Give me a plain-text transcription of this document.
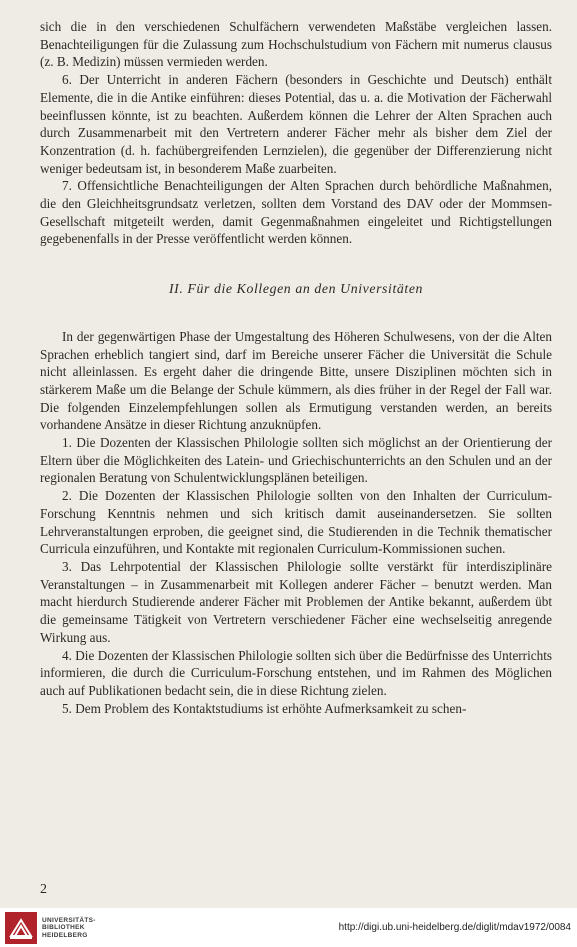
sich die in den verschiedenen Schulfächern verwendeten Maßstäbe vergleichen lassen. Benachteiligungen für die Zulassung zum Hochschulstudium von Fächern mit numerus clausus (z. B. Medizin) müssen vermieden werden.

6. Der Unterricht in anderen Fächern (besonders in Geschichte und Deutsch) enthält Elemente, die in die Antike einführen: dieses Potential, das u. a. die Motivation der Fächerwahl beeinflussen könnte, ist zu beachten. Außerdem können die Lehrer der Alten Sprachen auch durch Zusammenarbeit mit den Vertretern anderer Fächer mehr als bisher dem Ziel der Konzentration (d. h. fachübergreifenden Lernzielen), die gegenüber der Differenzierung nicht weniger bedeutsam ist, in besonderem Maße zuarbeiten.

7. Offensichtliche Benachteiligungen der Alten Sprachen durch behördliche Maßnahmen, die den Gleichheitsgrundsatz verletzen, sollten dem Vorstand des DAV oder der Mommsen-Gesellschaft mitgeteilt werden, damit Gegenmaßnahmen eingeleitet und Richtigstellungen gegebenenfalls in der Presse veröffentlicht werden können.

II. Für die Kollegen an den Universitäten

In der gegenwärtigen Phase der Umgestaltung des Höheren Schulwesens, von der die Alten Sprachen erheblich tangiert sind, darf im Bereiche unserer Fächer die Universität die Schule nicht alleinlassen. Es ergeht daher die dringende Bitte, unsere Disziplinen möchten sich in stärkerem Maße um die Belange der Schule kümmern, als dies früher in der Regel der Fall war. Die folgenden Einzelempfehlungen sollen als Ermutigung verstanden werden, an bereits vorhandene Ansätze in dieser Richtung anzuknüpfen.

1. Die Dozenten der Klassischen Philologie sollten sich möglichst an der Orientierung der Eltern über die Möglichkeiten des Latein- und Griechischunterrichts an den Schulen und an der regionalen Beratung von Schulentwicklungsplänen beteiligen.

2. Die Dozenten der Klassischen Philologie sollten von den Inhalten der Curriculum-Forschung Kenntnis nehmen und sich kritisch damit auseinandersetzen. Sie sollten Lehrveranstaltungen erproben, die geeignet sind, die Studierenden in die Technik thematischer Curricula einzuführen, und Kontakte mit regionalen Curriculum-Kommissionen suchen.

3. Das Lehrpotential der Klassischen Philologie sollte verstärkt für interdisziplinäre Veranstaltungen – in Zusammenarbeit mit Kollegen anderer Fächer – benutzt werden. Man macht hierdurch Studierende anderer Fächer mit Problemen der Antike bekannt, außerdem übt die gemeinsame Tätigkeit von Vertretern verschiedener Fächer eine wechselseitig anregende Wirkung aus.

4. Die Dozenten der Klassischen Philologie sollten sich über die Bedürfnisse des Unterrichts informieren, die durch die Curriculum-Forschung entstehen, und im Rahmen des Möglichen auch auf Publikationen bedacht sein, die in diese Richtung zielen.

5. Dem Problem des Kontaktstudiums ist erhöhte Aufmerksamkeit zu schen-

2
UNIVERSITÄTS-
BIBLIOTHEK
HEIDELBERG
http://digi.ub.uni-heidelberg.de/diglit/mdav1972/0084
